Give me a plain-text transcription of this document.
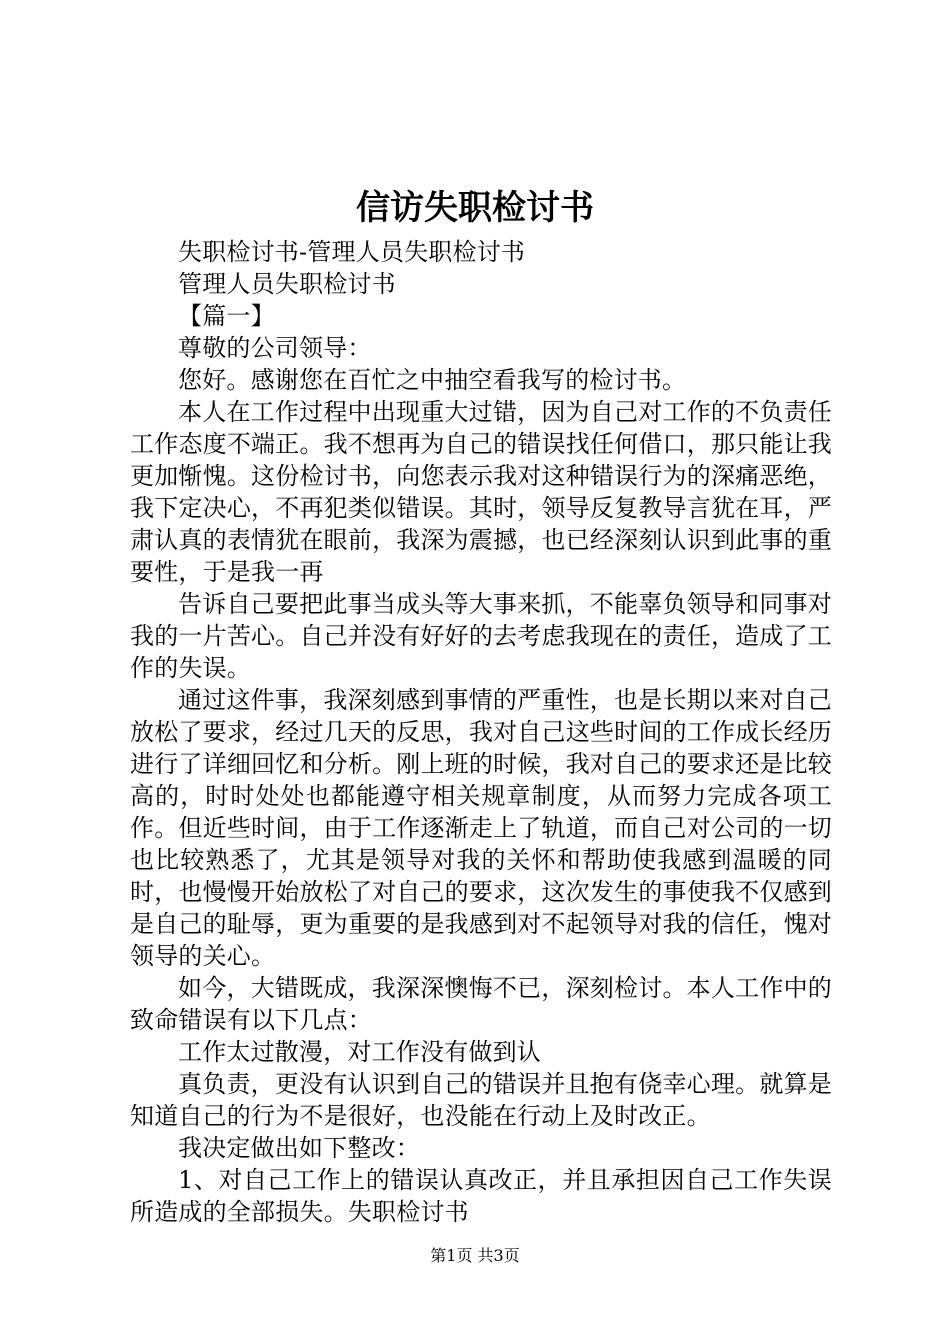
信访失职检讨书

失职检讨书-管理人员失职检讨书

管理人员失职检讨书

【篇一】

尊敬的公司领导：

您好。感谢您在百忙之中抽空看我写的检讨书。

本人在工作过程中出现重大过错，因为自己对工作的不负责任工作态度不端正。我不想再为自己的错误找任何借口，那只能让我更加惭愧。这份检讨书，向您表示我对这种错误行为的深痛恶绝，我下定决心，不再犯类似错误。其时，领导反复教导言犹在耳，严肃认真的表情犹在眼前，我深为震撼，也已经深刻认识到此事的重要性，于是我一再

告诉自己要把此事当成头等大事来抓，不能辜负领导和同事对我的一片苦心。自己并没有好好的去考虑我现在的责任，造成了工作的失误。

通过这件事，我深刻感到事情的严重性，也是长期以来对自己放松了要求，经过几天的反思，我对自己这些时间的工作成长经历进行了详细回忆和分析。刚上班的时候，我对自己的要求还是比较高的，时时处处也都能遵守相关规章制度，从而努力完成各项工作。但近些时间，由于工作逐渐走上了轨道，而自己对公司的一切也比较熟悉了，尤其是领导对我的关怀和帮助使我感到温暖的同时，也慢慢开始放松了对自己的要求，这次发生的事使我不仅感到是自己的耻辱，更为重要的是我感到对不起领导对我的信任，愧对领导的关心。

如今，大错既成，我深深懊悔不已，深刻检讨。本人工作中的致命错误有以下几点：

工作太过散漫，对工作没有做到认

真负责，更没有认识到自己的错误并且抱有侥幸心理。就算是知道自己的行为不是很好，也没能在行动上及时改正。

我决定做出如下整改：

1、对自己工作上的错误认真改正，并且承担因自己工作失误所造成的全部损失。失职检讨书

第1页 共3页
